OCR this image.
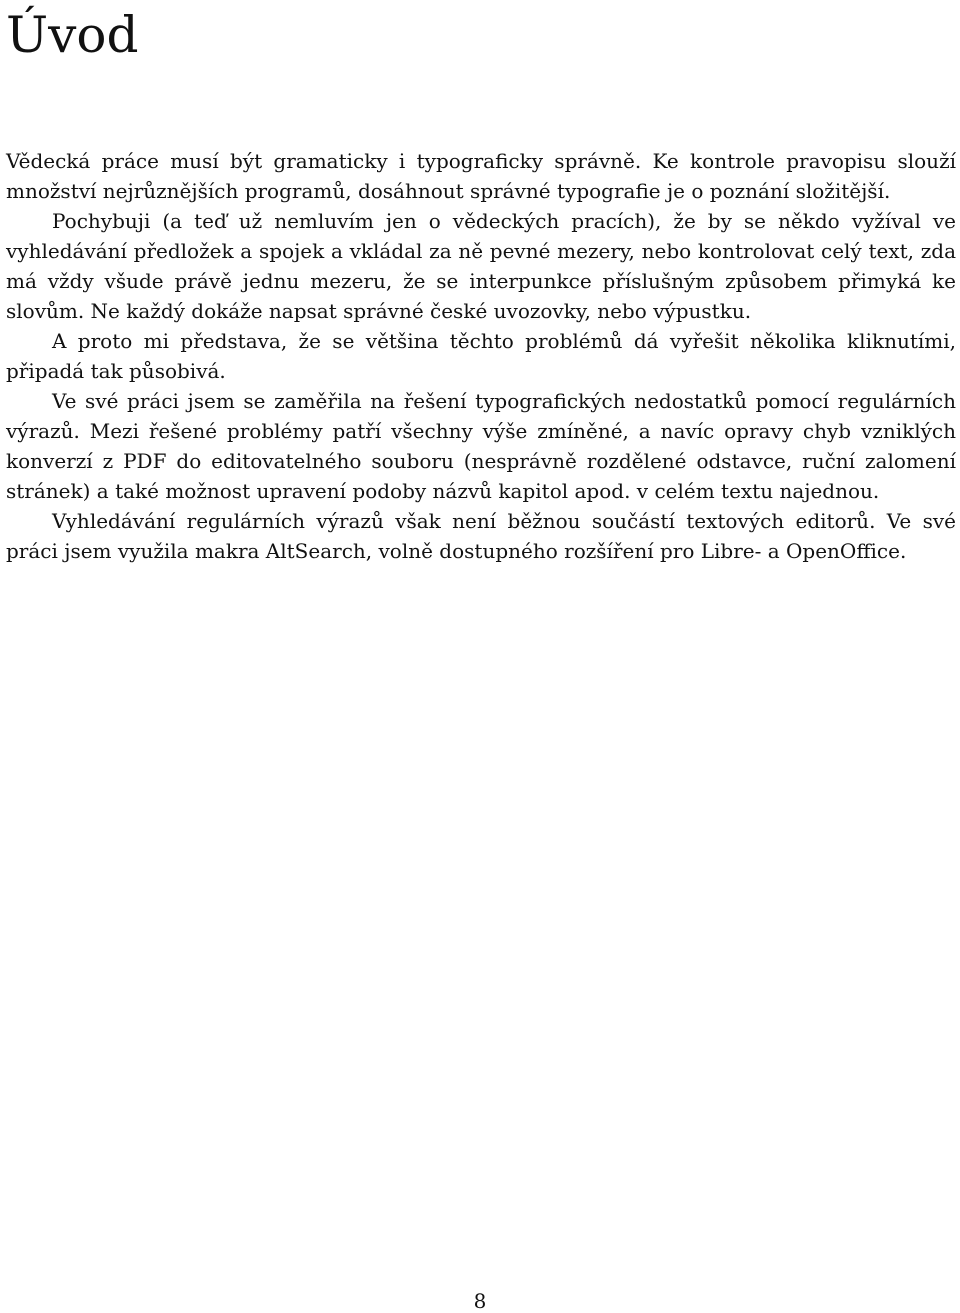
Úvod

Vědecká práce musí být gramaticky i typograficky správně. Ke kontrole pravopisu slouží množství nejrůznějších programů, dosáhnout správné typografie je o poznání složitější.

Pochybuji (a teď už nemluvím jen o vědeckých pracích), že by se někdo vyžíval ve vyhledávání předložek a spojek a vkládal za ně pevné mezery, nebo kontrolovat celý text, zda má vždy všude právě jednu mezeru, že se interpunkce příslušným způsobem přimyká ke slovům. Ne každý dokáže napsat správné české uvozovky, nebo výpustku.

A proto mi představa, že se většina těchto problémů dá vyřešit několika kliknutími, připadá tak působivá.

Ve své práci jsem se zaměřila na řešení typografických nedostatků pomocí regulárních výrazů. Mezi řešené problémy patří všechny výše zmíněné, a navíc opravy chyb vzniklých konverzí z PDF do editovatelného souboru (nesprávně rozdělené odstavce, ruční zalomení stránek) a také možnost upravení podoby názvů kapitol apod. v celém textu najednou.

Vyhledávání regulárních výrazů však není běžnou součástí textových editorů. Ve své práci jsem využila makra AltSearch, volně dostupného rozšíření pro Libre- a OpenOffice.

8
